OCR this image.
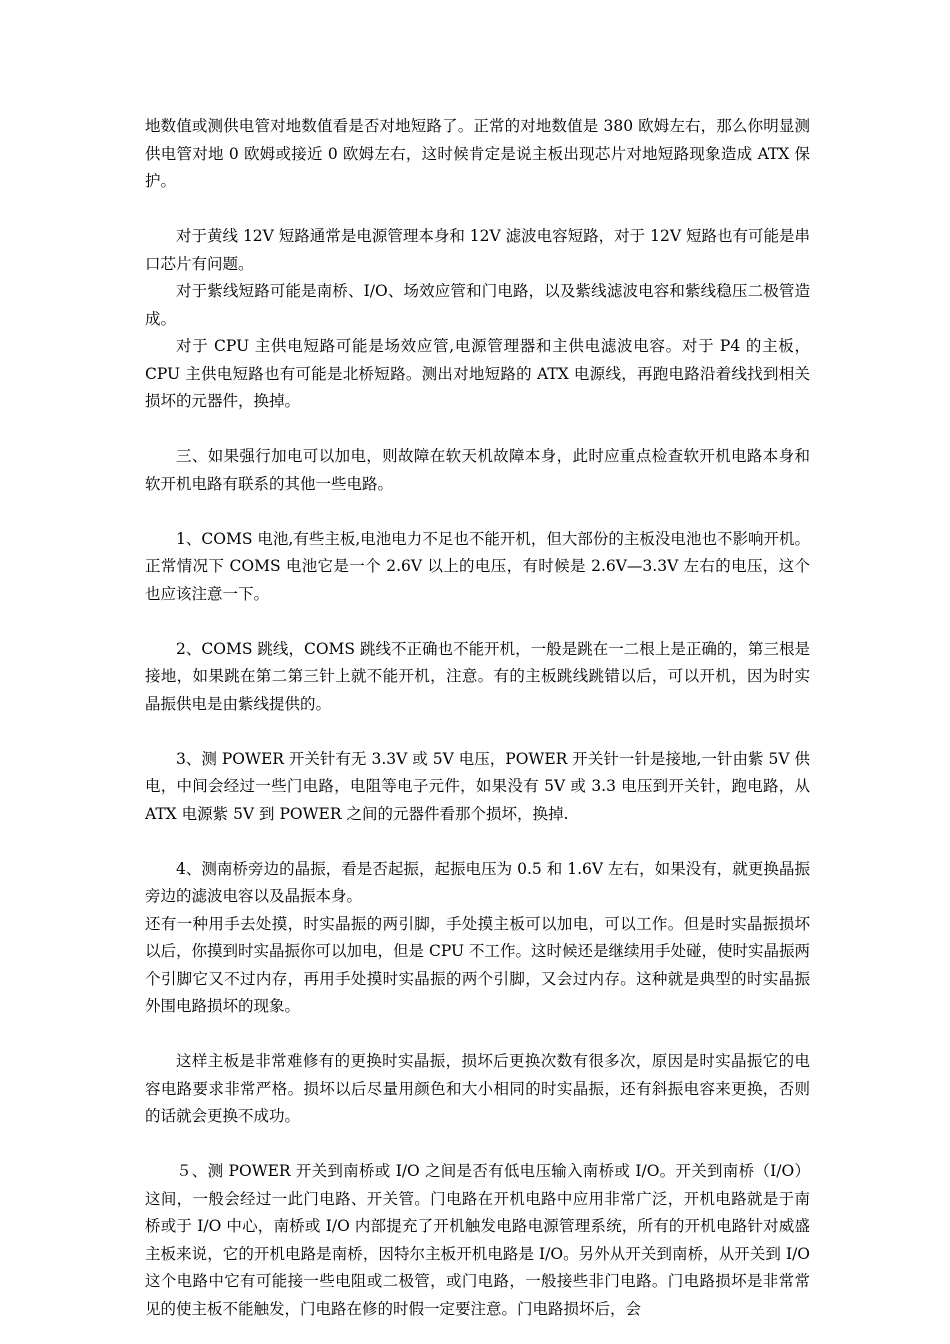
地数值或测供电管对地数值看是否对地短路了。正常的对地数值是 380 欧姆左右，那么你明显测供电管对地 0 欧姆或接近 0 欧姆左右，这时候肯定是说主板出现芯片对地短路现象造成 ATX 保护。

对于黄线 12V 短路通常是电源管理本身和 12V 滤波电容短路，对于 12V 短路也有可能是串口芯片有问题。

对于紫线短路可能是南桥、I/O、场效应管和门电路，以及紫线滤波电容和紫线稳压二极管造成。

对于 CPU 主供电短路可能是场效应管,电源管理器和主供电滤波电容。对于 P4 的主板，CPU 主供电短路也有可能是北桥短路。测出对地短路的 ATX 电源线，再跑电路沿着线找到相关损坏的元器件，换掉。

三、如果强行加电可以加电，则故障在软天机故障本身，此时应重点检查软开机电路本身和软开机电路有联系的其他一些电路。

1、COMS 电池,有些主板,电池电力不足也不能开机，但大部份的主板没电池也不影响开机。正常情况下 COMS 电池它是一个 2.6V 以上的电压，有时候是 2.6V—3.3V 左右的电压，这个也应该注意一下。

2、COMS 跳线，COMS 跳线不正确也不能开机，一般是跳在一二根上是正确的，第三根是接地，如果跳在第二第三针上就不能开机，注意。有的主板跳线跳错以后，可以开机，因为时实晶振供电是由紫线提供的。

3、测 POWER 开关针有无 3.3V 或 5V 电压，POWER 开关针一针是接地,一针由紫 5V 供电，中间会经过一些门电路，电阻等电子元件，如果没有 5V 或 3.3 电压到开关针，跑电路，从 ATX 电源紫 5V 到 POWER 之间的元器件看那个损坏，换掉.

4、测南桥旁边的晶振，看是否起振，起振电压为 0.5 和 1.6V 左右，如果没有，就更换晶振旁边的滤波电容以及晶振本身。

还有一种用手去处摸，时实晶振的两引脚，手处摸主板可以加电，可以工作。但是时实晶振损坏以后，你摸到时实晶振你可以加电，但是 CPU 不工作。这时候还是继续用手处碰，使时实晶振两个引脚它又不过内存，再用手处摸时实晶振的两个引脚，又会过内存。这种就是典型的时实晶振外围电路损坏的现象。

这样主板是非常难修有的更换时实晶振，损坏后更换次数有很多次，原因是时实晶振它的电容电路要求非常严格。损坏以后尽量用颜色和大小相同的时实晶振，还有斜振电容来更换，否则的话就会更换不成功。

５、测 POWER 开关到南桥或 I/O 之间是否有低电压输入南桥或 I/O。开关到南桥（I/O）这间，一般会经过一此门电路、开关管。门电路在开机电路中应用非常广泛，开机电路就是于南桥或于 I/O 中心，南桥或 I/O 内部提充了开机触发电路电源管理系统，所有的开机电路针对威盛主板来说，它的开机电路是南桥，因特尔主板开机电路是 I/O。另外从开关到南桥，从开关到 I/O 这个电路中它有可能接一些电阻或二极管，或门电路，一般接些非门电路。门电路损坏是非常常见的使主板不能触发，门电路在修的时假一定要注意。门电路损坏后，会
